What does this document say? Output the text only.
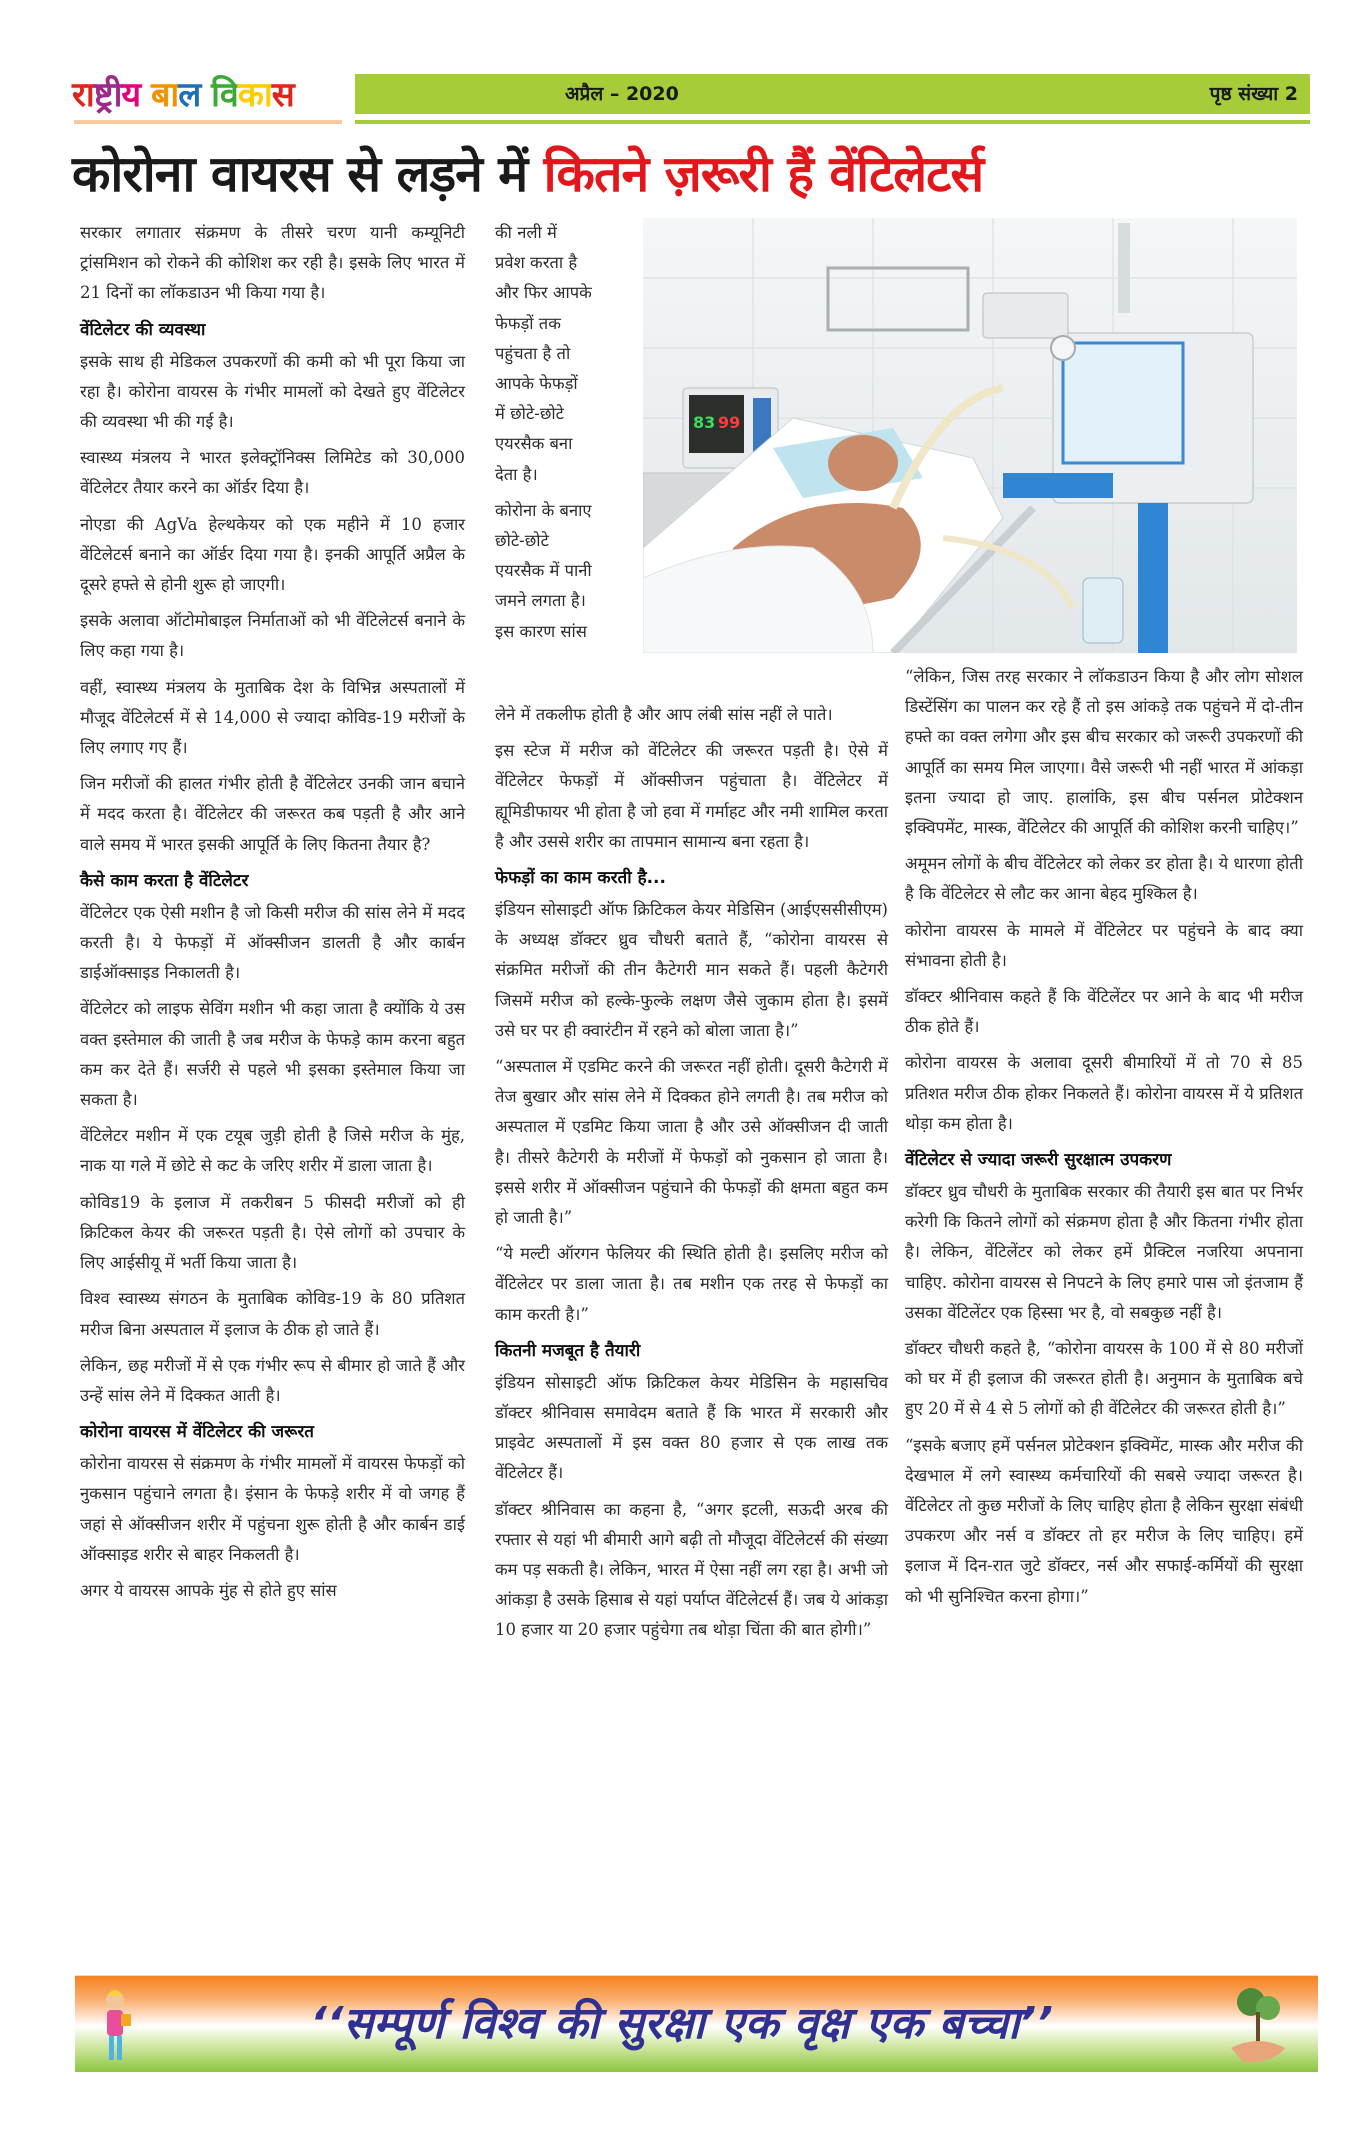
राष्ट्रीय बाल विकास	अप्रैल – 2020	पृष्ठ संख्या 2
कोरोना वायरस से लड़ने में कितने ज़रूरी हैं वेंटिलेटर्स

सरकार लगातार संक्रमण के तीसरे चरण यानी कम्यूनिटी ट्रांसमिशन को रोकने की कोशिश कर रही है। इसके लिए भारत में 21 दिनों का लॉकडाउन भी किया गया है।

वेंटिलेटर की व्यवस्था

इसके साथ ही मेडिकल उपकरणों की कमी को भी पूरा किया जा रहा है। कोरोना वायरस के गंभीर मामलों को देखते हुए वेंटिलेटर की व्यवस्था भी की गई है।

स्वास्थ्य मंत्रलय ने भारत इलेक्ट्रॉनिक्स लिमिटेड को 30,000 वेंटिलेटर तैयार करने का ऑर्डर दिया है।

नोएडा की AgVa हेल्थकेयर को एक महीने में 10 हजार वेंटिलेटर्स बनाने का ऑर्डर दिया गया है। इनकी आपूर्ति अप्रैल के दूसरे हफ्ते से होनी शुरू हो जाएगी।

इसके अलावा ऑटोमोबाइल निर्माताओं को भी वेंटिलेटर्स बनाने के लिए कहा गया है।

वहीं, स्वास्थ्य मंत्रलय के मुताबिक देश के विभिन्न अस्पतालों में मौजूद वेंटिलेटर्स में से 14,000 से ज्यादा कोविड-19 मरीजों के लिए लगाए गए हैं।

जिन मरीजों की हालत गंभीर होती है वेंटिलेटर उनकी जान बचाने में मदद करता है। वेंटिलेटर की जरूरत कब पड़ती है और आने वाले समय में भारत इसकी आपूर्ति के लिए कितना तैयार है?

कैसे काम करता है वेंटिलेटर

वेंटिलेटर एक ऐसी मशीन है जो किसी मरीज की सांस लेने में मदद करती है। ये फेफड़ों में ऑक्सीजन डालती है और कार्बन डाईऑक्साइड निकालती है।

वेंटिलेटर को लाइफ सेविंग मशीन भी कहा जाता है क्योंकि ये उस वक्त इस्तेमाल की जाती है जब मरीज के फेफड़े काम करना बहुत कम कर देते हैं। सर्जरी से पहले भी इसका इस्तेमाल किया जा सकता है।

वेंटिलेटर मशीन में एक टयूब जुड़ी होती है जिसे मरीज के मुंह, नाक या गले में छोटे से कट के जरिए शरीर में डाला जाता है।

कोविड19 के इलाज में तकरीबन 5 फीसदी मरीजों को ही क्रिटिकल केयर की जरूरत पड़ती है। ऐसे लोगों को उपचार के लिए आईसीयू में भर्ती किया जाता है।

विश्व स्वास्थ्य संगठन के मुताबिक कोविड-19 के 80 प्रतिशत मरीज बिना अस्पताल में इलाज के ठीक हो जाते हैं।

लेकिन, छह मरीजों में से एक गंभीर रूप से बीमार हो जाते हैं और उन्हें सांस लेने में दिक्कत आती है।

कोरोना वायरस में वेंटिलेटर की जरूरत

कोरोना वायरस से संक्रमण के गंभीर मामलों में वायरस फेफड़ों को नुकसान पहुंचाने लगता है। इंसान के फेफड़े शरीर में वो जगह हैं जहां से ऑक्सीजन शरीर में पहुंचना शुरू होती है और कार्बन डाई ऑक्साइड शरीर से बाहर निकलती है।

अगर ये वायरस आपके मुंह से होते हुए सांस

की नली में
प्रवेश करता है
और फिर आपके
फेफड़ों तक
पहुंचता है तो
आपके फेफड़ों
में छोटे-छोटे
एयरसैक बना
देता है।
कोरोना के बनाए
छोटे-छोटे
एयरसैक में पानी
जमने लगता है।
इस कारण सांस
83 99

लेने में तकलीफ होती है और आप लंबी सांस नहीं ले पाते।

इस स्टेज में मरीज को वेंटिलेटर की जरूरत पड़ती है। ऐसे में वेंटिलेटर फेफड़ों में ऑक्सीजन पहुंचाता है। वेंटिलेटर में ह्यूमिडीफायर भी होता है जो हवा में गर्माहट और नमी शामिल करता है और उससे शरीर का तापमान सामान्य बना रहता है।

फेफड़ों का काम करती है...

इंडियन सोसाइटी ऑफ क्रिटिकल केयर मेडिसिन (आईएससीसीएम) के अध्यक्ष डॉक्टर ध्रुव चौधरी बताते हैं, “कोरोना वायरस से संक्रमित मरीजों की तीन कैटेगरी मान सकते हैं। पहली कैटेगरी जिसमें मरीज को हल्के-फुल्के लक्षण जैसे जुकाम होता है। इसमें उसे घर पर ही क्वारंटीन में रहने को बोला जाता है।”

“अस्पताल में एडमिट करने की जरूरत नहीं होती। दूसरी कैटेगरी में तेज बुखार और सांस लेने में दिक्कत होने लगती है। तब मरीज को अस्पताल में एडमिट किया जाता है और उसे ऑक्सीजन दी जाती है। तीसरे कैटेगरी के मरीजों में फेफड़ों को नुकसान हो जाता है। इससे शरीर में ऑक्सीजन पहुंचाने की फेफड़ों की क्षमता बहुत कम हो जाती है।”

“ये मल्टी ऑरगन फेलियर की स्थिति होती है। इसलिए मरीज को वेंटिलेटर पर डाला जाता है। तब मशीन एक तरह से फेफड़ों का काम करती है।”

कितनी मजबूत है तैयारी

इंडियन सोसाइटी ऑफ क्रिटिकल केयर मेडिसिन के महासचिव डॉक्टर श्रीनिवास समावेदम बताते हैं कि भारत में सरकारी और प्राइवेट अस्पतालों में इस वक्त 80 हजार से एक लाख तक वेंटिलेटर हैं।

डॉक्टर श्रीनिवास का कहना है, “अगर इटली, सऊदी अरब की रफ्तार से यहां भी बीमारी आगे बढ़ी तो मौजूदा वेंटिलेटर्स की संख्या कम पड़ सकती है। लेकिन, भारत में ऐसा नहीं लग रहा है। अभी जो आंकड़ा है उसके हिसाब से यहां पर्याप्त वेंटिलेटर्स हैं। जब ये आंकड़ा 10 हजार या 20 हजार पहुंचेगा तब थोड़ा चिंता की बात होगी।”

“लेकिन, जिस तरह सरकार ने लॉकडाउन किया है और लोग सोशल डिस्टेंसिंग का पालन कर रहे हैं तो इस आंकड़े तक पहुंचने में दो-तीन हफ्ते का वक्त लगेगा और इस बीच सरकार को जरूरी उपकरणों की आपूर्ति का समय मिल जाएगा। वैसे जरूरी भी नहीं भारत में आंकड़ा इतना ज्यादा हो जाए. हालांकि, इस बीच पर्सनल प्रोटेक्शन इक्विपमेंट, मास्क, वेंटिलेटर की आपूर्ति की कोशिश करनी चाहिए।”

अमूमन लोगों के बीच वेंटिलेटर को लेकर डर होता है। ये धारणा होती है कि वेंटिलेटर से लौट कर आना बेहद मुश्किल है।

कोरोना वायरस के मामले में वेंटिलेटर पर पहुंचने के बाद क्या संभावना होती है।

डॉक्टर श्रीनिवास कहते हैं कि वेंटिलेंटर पर आने के बाद भी मरीज ठीक होते हैं।

कोरोना वायरस के अलावा दूसरी बीमारियों में तो 70 से 85 प्रतिशत मरीज ठीक होकर निकलते हैं। कोरोना वायरस में ये प्रतिशत थोड़ा कम होता है।

वेंटिलेटर से ज्यादा जरूरी सुरक्षात्म उपकरण

डॉक्टर ध्रुव चौधरी के मुताबिक सरकार की तैयारी इस बात पर निर्भर करेगी कि कितने लोगों को संक्रमण होता है और कितना गंभीर होता है। लेकिन, वेंटिलेंटर को लेकर हमें प्रैक्टिल नजरिया अपनाना चाहिए. कोरोना वायरस से निपटने के लिए हमारे पास जो इंतजाम हैं उसका वेंटिलेंटर एक हिस्सा भर है, वो सबकुछ नहीं है।

डॉक्टर चौधरी कहते है, “कोरोना वायरस के 100 में से 80 मरीजों को घर में ही इलाज की जरूरत होती है। अनुमान के मुताबिक बचे हुए 20 में से 4 से 5 लोगों को ही वेंटिलेटर की जरूरत होती है।”

“इसके बजाए हमें पर्सनल प्रोटेक्शन इक्विमेंट, मास्क और मरीज की देखभाल में लगे स्वास्थ्य कर्मचारियों की सबसे ज्यादा जरूरत है। वेंटिलेटर तो कुछ मरीजों के लिए चाहिए होता है लेकिन सुरक्षा संबंधी उपकरण और नर्स व डॉक्टर तो हर मरीज के लिए चाहिए। हमें इलाज में दिन-रात जुटे डॉक्टर, नर्स और सफाई-कर्मियों की सुरक्षा को भी सुनिश्चित करना होगा।”

‘‘सम्पूर्ण विश्व की सुरक्षा एक वृक्ष एक बच्चा’’
